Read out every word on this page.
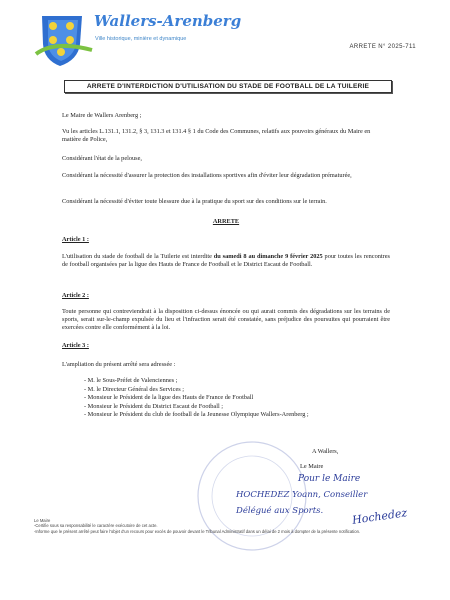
Wallers-Arenberg
Ville historique, minière et dynamique
ARRETE N° 2025-711
ARRETE D'INTERDICTION D'UTILISATION DU STADE DE FOOTBALL DE LA TUILERIE
Le Maire de Wallers Arenberg ;
Vu les articles L.131.1, 131.2, § 3, 131.3 et 131.4 § 1 du Code des Communes, relatifs aux pouvoirs généraux du Maire en matière de Police,
Considérant l'état de la pelouse,
Considérant la nécessité d'assurer la protection des installations sportives afin d'éviter leur dégradation prématurée,
Considérant la nécessité d'éviter toute blessure due à la pratique du sport sur des conditions sur le terrain.
ARRETE
Article 1 :
L'utilisation du stade de football de la Tuilerie est interdite du samedi 8 au dimanche 9 février 2025 pour toutes les rencontres de football organisées par la ligue des Hauts de France de Football et le District Escaut de Football.
Article 2 :
Toute personne qui contreviendrait à la disposition ci-dessus énoncée ou qui aurait commis des dégradations sur les terrains de sports, serait sur-le-champ expulsée du lieu et l'infraction serait été constatée, sans préjudice des poursuites qui pourraient être exercées contre elle conformément à la loi.
Article 3 :
L'ampliation du présent arrêté sera adressée :
- M. le Sous-Préfet de Valenciennes ;
- M. le Directeur Général des Services ;
- Monsieur le Président de la ligue des Hauts de France de Football
- Monsieur le Président du District Escaut de Football ;
- Monsieur le Président du club de football de la Jeunesse Olympique Wallers-Arenberg ;
A Wallers,
Le Maire
Pour le Maire
HOCHEDEZ Yoann, Conseiller
Délégué aux Sports.	Hochedez
Le Maire
-Certifie sous sa responsabilité le caractère exécutoire de cet acte.
-Informe que le présent arrêté peut faire l'objet d'un recours pour excès de pouvoir devant le Tribunal Administratif dans un délai de 2 mois à dompter de la présente notification.
